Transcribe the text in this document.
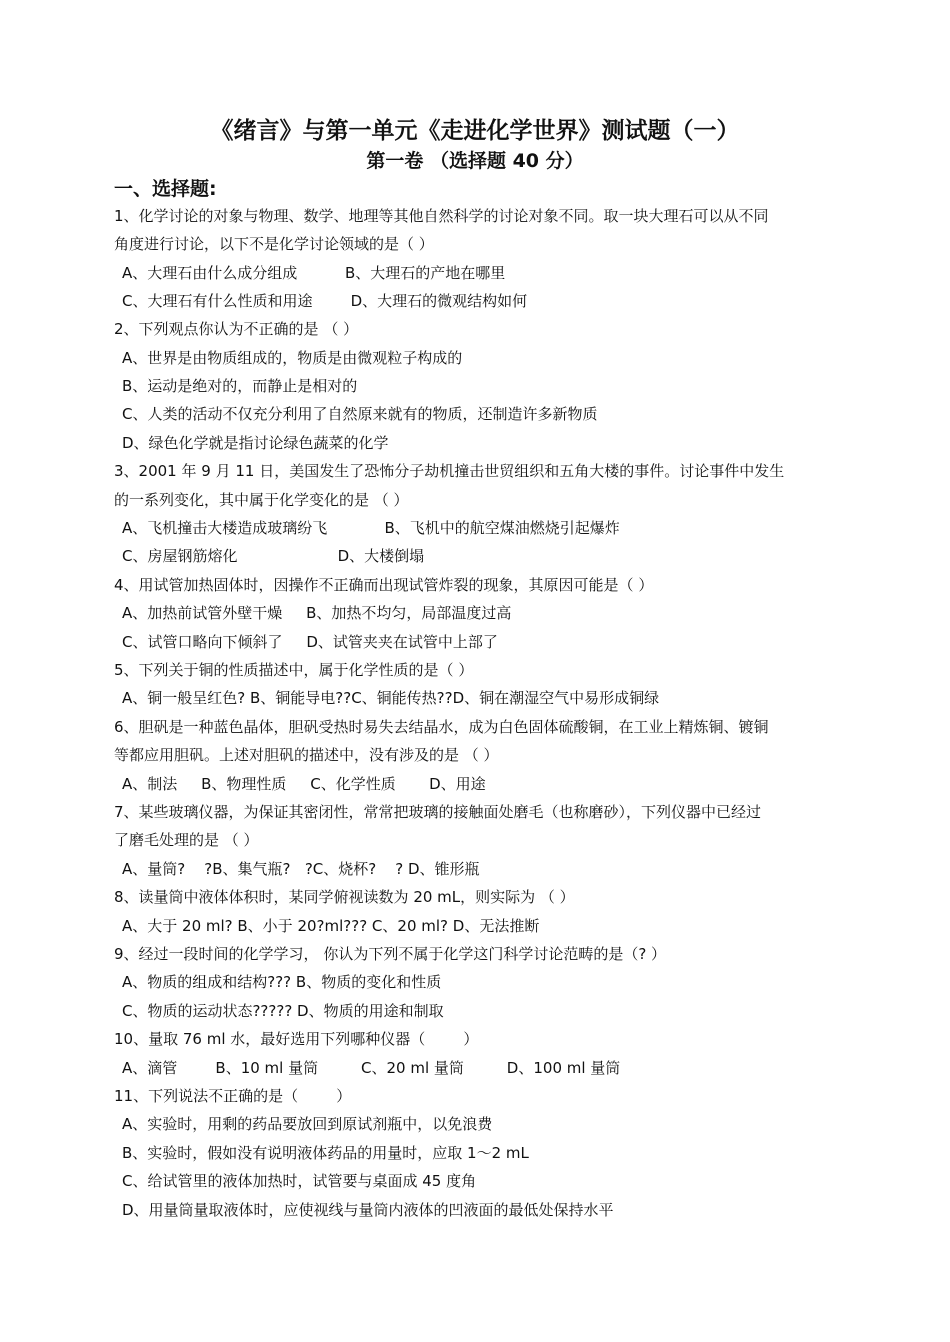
《绪言》与第一单元《走进化学世界》测试题（一）
第一卷 （选择题 40 分）
一、选择题:
1、化学讨论的对象与物理、数学、地理等其他自然科学的讨论对象不同。取一块大理石可以从不同
角度进行讨论，以下不是化学讨论领域的是（ ）
A、大理石由什么成分组成          B、大理石的产地在哪里
C、大理石有什么性质和用途        D、大理石的微观结构如何
2、下列观点你认为不正确的是 （ ）
A、世界是由物质组成的，物质是由微观粒子构成的
B、运动是绝对的，而静止是相对的
C、人类的活动不仅充分利用了自然原来就有的物质，还制造许多新物质
D、绿色化学就是指讨论绿色蔬菜的化学
3、2001 年 9 月 11 日，美国发生了恐怖分子劫机撞击世贸组织和五角大楼的事件。讨论事件中发生
的一系列变化，其中属于化学变化的是 （ ）
A、飞机撞击大楼造成玻璃纷飞            B、飞机中的航空煤油燃烧引起爆炸
C、房屋钢筋熔化                     D、大楼倒塌
4、用试管加热固体时，因操作不正确而出现试管炸裂的现象，其原因可能是（ ）
A、加热前试管外壁干燥     B、加热不均匀，局部温度过高
C、试管口略向下倾斜了     D、试管夹夹在试管中上部了
5、下列关于铜的性质描述中，属于化学性质的是（ ）
A、铜一般呈红色? B、铜能导电??C、铜能传热??D、铜在潮湿空气中易形成铜绿
6、胆矾是一种蓝色晶体，胆矾受热时易失去结晶水，成为白色固体硫酸铜，在工业上精炼铜、镀铜
等都应用胆矾。上述对胆矾的描述中，没有涉及的是 （ ）
A、制法     B、物理性质     C、化学性质       D、用途
7、某些玻璃仪器，为保证其密闭性，常常把玻璃的接触面处磨毛（也称磨砂），下列仪器中已经过
了磨毛处理的是 （ ）
A、量筒?    ?B、集气瓶?   ?C、烧杯?    ? D、锥形瓶
8、读量筒中液体体积时，某同学俯视读数为 20 mL，则实际为 （ ）
A、大于 20 ml? B、小于 20?ml??? C、20 ml? D、无法推断
9、经过一段时间的化学学习， 你认为下列不属于化学这门科学讨论范畴的是（? ）
A、物质的组成和结构??? B、物质的变化和性质
C、物质的运动状态????? D、物质的用途和制取
10、量取 76 ml 水，最好选用下列哪种仪器（        ）
A、滴管        B、10 ml 量筒         C、20 ml 量筒         D、100 ml 量筒
11、下列说法不正确的是（        ）
A、实验时，用剩的药品要放回到原试剂瓶中，以免浪费
B、实验时，假如没有说明液体药品的用量时，应取 1～2 mL
C、给试管里的液体加热时，试管要与桌面成 45 度角
D、用量筒量取液体时，应使视线与量筒内液体的凹液面的最低处保持水平
